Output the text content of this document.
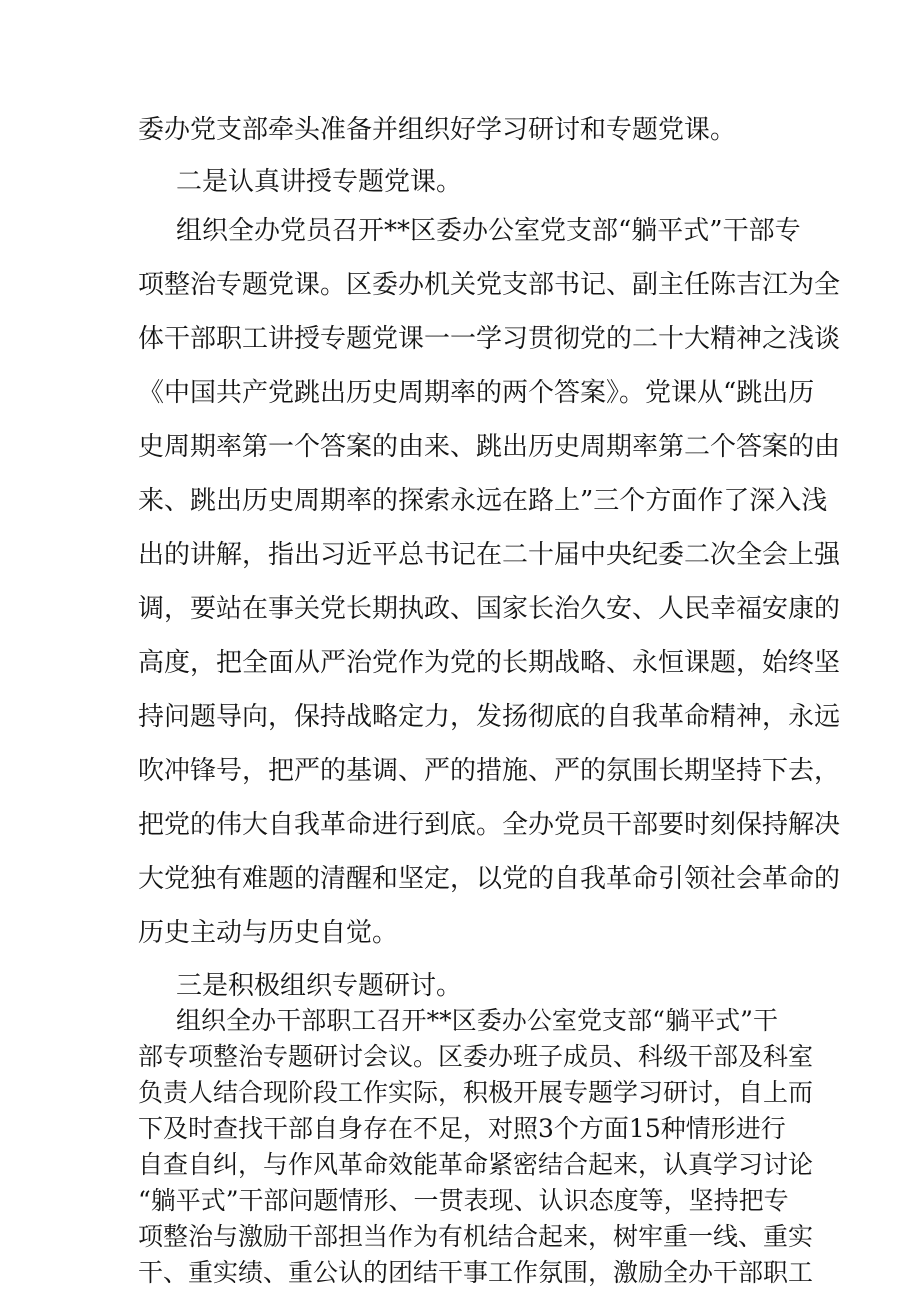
委办党支部牵头准备并组织好学习研讨和专题党课。
二是认真讲授专题党课。
组织全办党员召开**区委办公室党支部“躺平式”干部专
项整治专题党课。区委办机关党支部书记、副主任陈吉江为全
体干部职工讲授专题党课一一学习贯彻党的二十大精神之浅谈
《中国共产党跳出历史周期率的两个答案》。党课从“跳出历
史周期率第一个答案的由来、跳出历史周期率第二个答案的由
来、跳出历史周期率的探索永远在路上”三个方面作了深入浅
出的讲解，指出习近平总书记在二十届中央纪委二次全会上强
调，要站在事关党长期执政、国家长治久安、人民幸福安康的
高度，把全面从严治党作为党的长期战略、永恒课题，始终坚
持问题导向，保持战略定力，发扬彻底的自我革命精神，永远
吹冲锋号，把严的基调、严的措施、严的氛围长期坚持下去，
把党的伟大自我革命进行到底。全办党员干部要时刻保持解决
大党独有难题的清醒和坚定，以党的自我革命引领社会革命的
历史主动与历史自觉。
三是积极组织专题研讨。
组织全办干部职工召开**区委办公室党支部“躺平式”干
部专项整治专题研讨会议。区委办班子成员、科级干部及科室
负责人结合现阶段工作实际，积极开展专题学习研讨，自上而
下及时查找干部自身存在不足，对照3个方面15种情形进行
自查自纠，与作风革命效能革命紧密结合起来，认真学习讨论
“躺平式”干部问题情形、一贯表现、认识态度等，坚持把专
项整治与激励干部担当作为有机结合起来，树牢重一线、重实
干、重实绩、重公认的团结干事工作氛围，激励全办干部职工
